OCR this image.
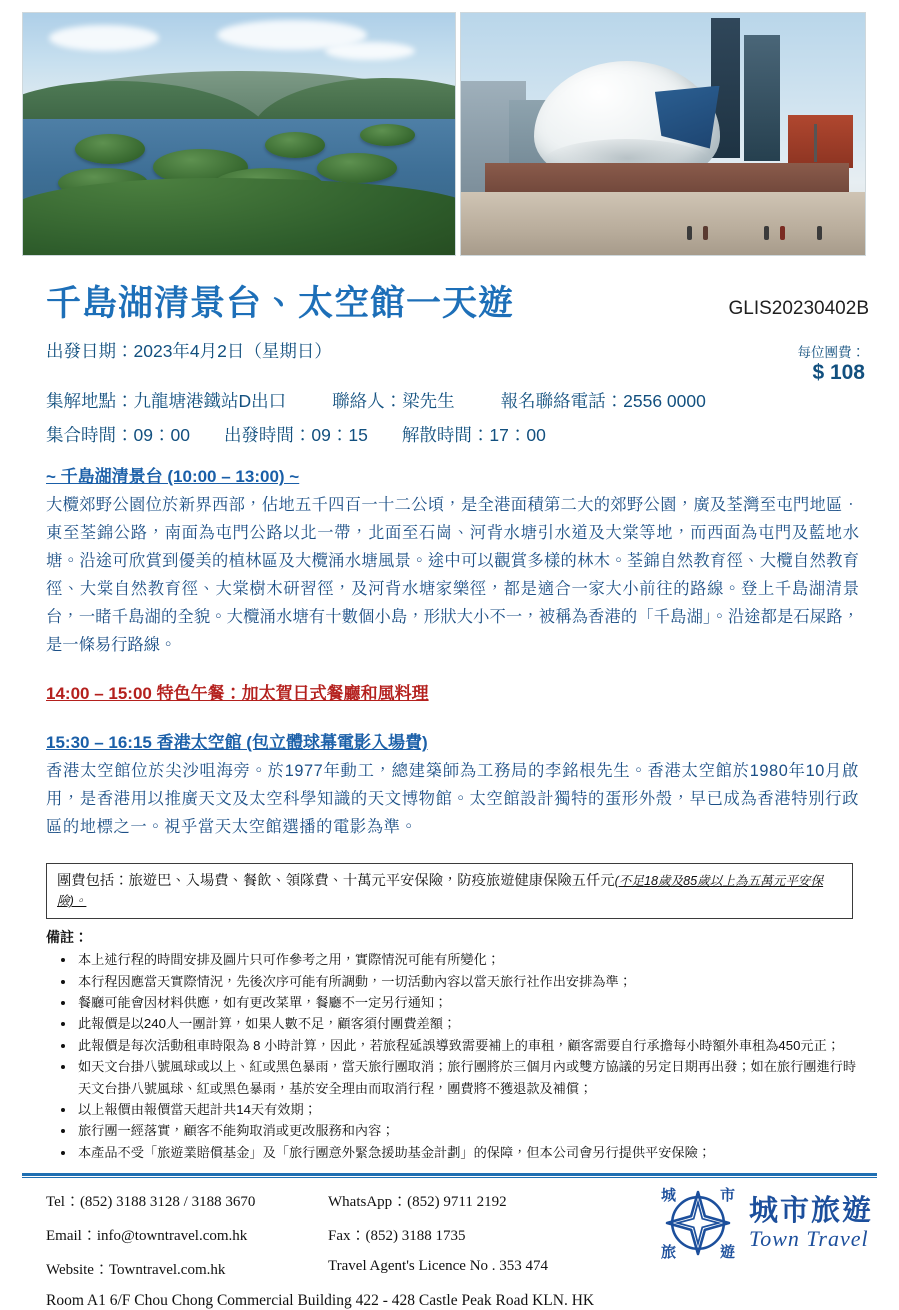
千島湖清景台、太空館一天遊	GLIS20230402B
出發日期：2023年4月2日（星期日）	每位團費：
$ 108
集解地點：九龍塘港鐵站D出口	聯絡人：梁先生	報名聯絡電話：2556 0000
集合時間：09：00 出發時間：09：15 解散時間：17：00
~ 千島湖清景台 (10:00 – 13:00) ~
大欖郊野公園位於新界西部，佔地五千四百一十二公頃，是全港面積第二大的郊野公園，廣及荃灣至屯門地區．東至荃錦公路，南面為屯門公路以北一帶，北面至石崗、河背水塘引水道及大棠等地，而西面為屯門及藍地水塘。沿途可欣賞到優美的植林區及大欖涌水塘風景。途中可以觀賞多樣的林木。荃錦自然教育徑、大欖自然教育徑、大棠自然教育徑、大棠樹木研習徑，及河背水塘家樂徑，都是適合一家大小前往的路線。登上千島湖清景台，一睹千島湖的全貌。大欖涌水塘有十數個小島，形狀大小不一，被稱為香港的「千島湖」。沿途都是石屎路，是一條易行路線。
14:00 – 15:00 特色午餐：加太賀日式餐廳和風料理
15:30 – 16:15 香港太空館 (包立體球幕電影入場費)
香港太空館位於尖沙咀海旁。於1977年動工，總建築師為工務局的李銘根先生。香港太空館於1980年10月啟用，是香港用以推廣天文及太空科學知識的天文博物館。太空館設計獨特的蛋形外殼，早已成為香港特別行政區的地標之一。視乎當天太空館選播的電影為準。
團費包括：旅遊巴、入場費、餐飲、領隊費、十萬元平安保險，防疫旅遊健康保險五仟元(不足18歲及85歲以上為五萬元平安保險)。
備註：
• 本上述行程的時間安排及圖片只可作參考之用，實際情況可能有所變化；
• 本行程因應當天實際情況，先後次序可能有所調動，一切活動內容以當天旅行社作出安排為準；
• 餐廳可能會因材料供應，如有更改菜單，餐廳不一定另行通知；
• 此報價是以240人一團計算，如果人數不足，顧客須付團費差額；
• 此報價是每次活動租車時限為 8 小時計算，因此，若旅程延誤導致需要補上的車租，顧客需要自行承擔每小時額外車租為450元正；
• 如天文台掛八號風球或以上、紅或黑色暴雨，當天旅行團取消；旅行團將於三個月內或雙方協議的另定日期再出發；如在旅行團進行時天文台掛八號風球、紅或黑色暴雨，基於安全理由而取消行程，團費將不獲退款及補償；
• 以上報價由報價當天起計共14天有效期；
• 旅行團一經落實，顧客不能夠取消或更改服務和內容；
• 本產品不受「旅遊業賠償基金」及「旅行團意外緊急援助基金計劃」的保障，但本公司會另行提供平安保險；
Tel：(852) 3188 3128 / 3188 3670	WhatsApp：(852) 9711 2192
Email：info@towntravel.com.hk	Fax：(852) 3188 1735
Website：Towntravel.com.hk	Travel Agent's Licence No . 353 474
Room A1 6/F Chou Chong Commercial Building 422 - 428 Castle Peak Road KLN. HK
城	市
旅	遊
城市旅遊
Town Travel
